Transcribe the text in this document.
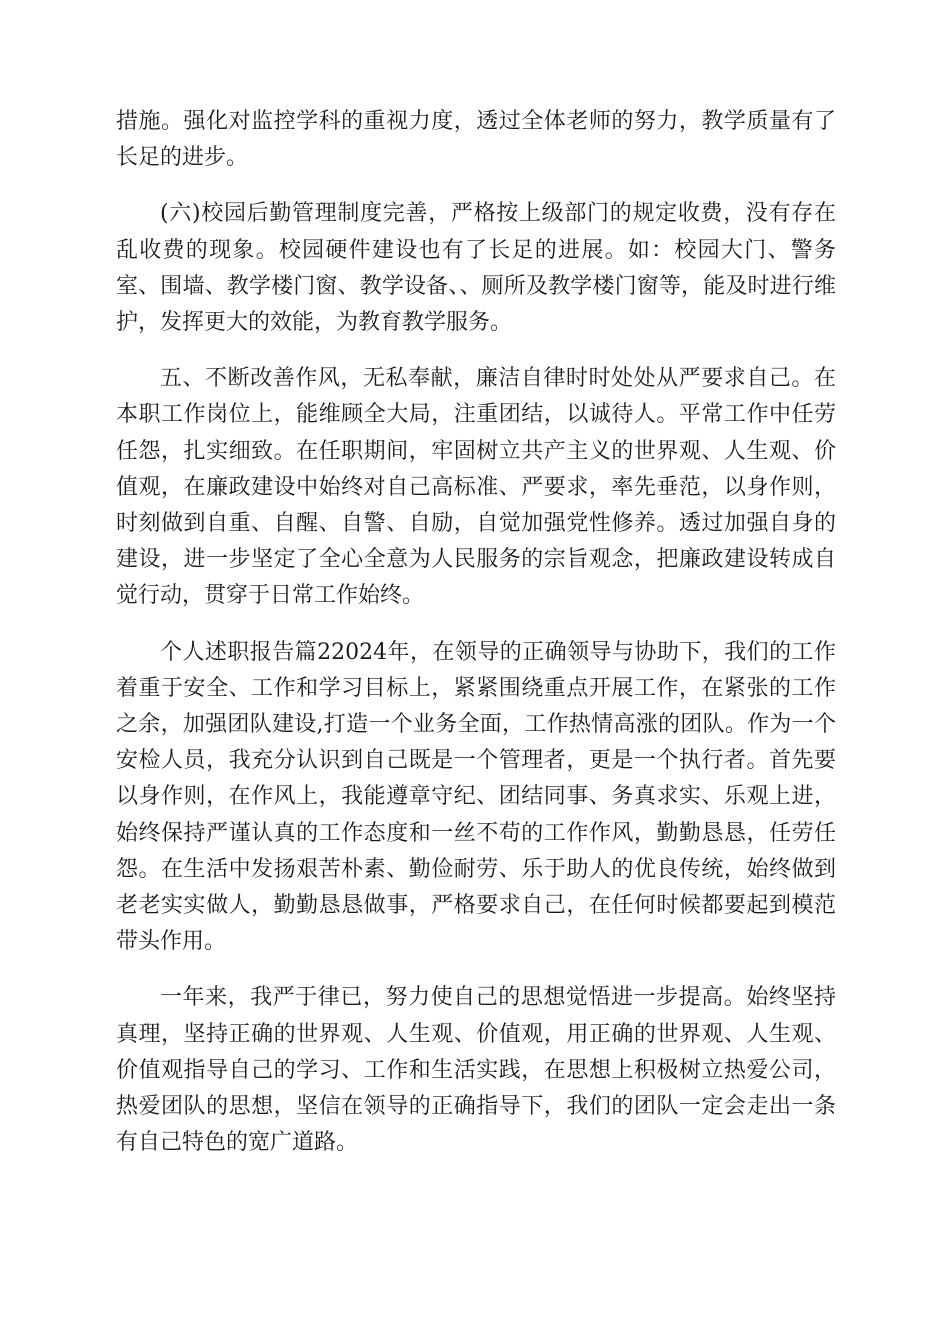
措施。强化对监控学科的重视力度，透过全体老师的努力，教学质量有了长足的进步。

(六)校园后勤管理制度完善，严格按上级部门的规定收费，没有存在乱收费的现象。校园硬件建设也有了长足的进展。如：校园大门、警务室、围墙、教学楼门窗、教学设备、、厕所及教学楼门窗等，能及时进行维护，发挥更大的效能，为教育教学服务。

五、不断改善作风，无私奉献，廉洁自律时时处处从严要求自己。在本职工作岗位上，能维顾全大局，注重团结，以诚待人。平常工作中任劳任怨，扎实细致。在任职期间，牢固树立共产主义的世界观、人生观、价值观，在廉政建设中始终对自己高标准、严要求，率先垂范，以身作则，时刻做到自重、自醒、自警、自励，自觉加强党性修养。透过加强自身的建设，进一步坚定了全心全意为人民服务的宗旨观念，把廉政建设转成自觉行动，贯穿于日常工作始终。

个人述职报告篇22024年，在领导的正确领导与协助下，我们的工作着重于安全、工作和学习目标上，紧紧围绕重点开展工作，在紧张的工作之余，加强团队建设,打造一个业务全面，工作热情高涨的团队。作为一个安检人员，我充分认识到自己既是一个管理者，更是一个执行者。首先要以身作则，在作风上，我能遵章守纪、团结同事、务真求实、乐观上进，始终保持严谨认真的工作态度和一丝不苟的工作作风，勤勤恳恳，任劳任怨。在生活中发扬艰苦朴素、勤俭耐劳、乐于助人的优良传统，始终做到老老实实做人，勤勤恳恳做事，严格要求自己，在任何时候都要起到模范带头作用。

一年来，我严于律已，努力使自己的思想觉悟进一步提高。始终坚持真理，坚持正确的世界观、人生观、价值观，用正确的世界观、人生观、价值观指导自己的学习、工作和生活实践，在思想上积极树立热爱公司，热爱团队的思想，坚信在领导的正确指导下，我们的团队一定会走出一条有自己特色的宽广道路。
